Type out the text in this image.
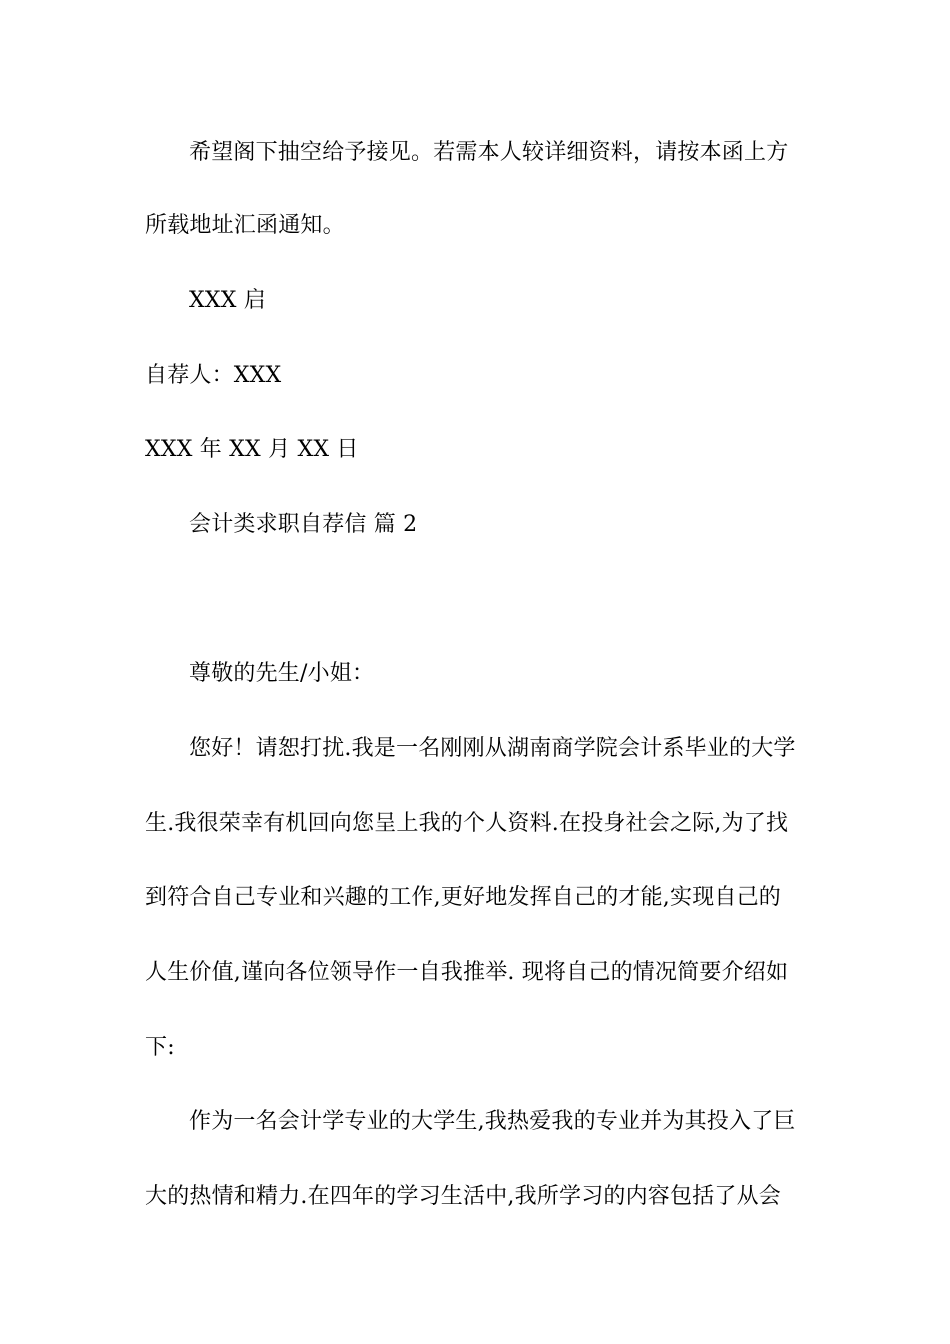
希望阁下抽空给予接见。若需本人较详细资料，请按本函上方
所载地址汇函通知。
XXX 启
自荐人：XXX
XXX 年 XX 月 XX 日
会计类求职自荐信 篇 2
尊敬的先生/小姐：
您好！请恕打扰.我是一名刚刚从湖南商学院会计系毕业的大学
生.我很荣幸有机回向您呈上我的个人资料.在投身社会之际,为了找
到符合自己专业和兴趣的工作,更好地发挥自己的才能,实现自己的
人生价值,谨向各位领导作一自我推举. 现将自己的情况简要介绍如
下:
作为一名会计学专业的大学生,我热爱我的专业并为其投入了巨
大的热情和精力.在四年的学习生活中,我所学习的内容包括了从会
